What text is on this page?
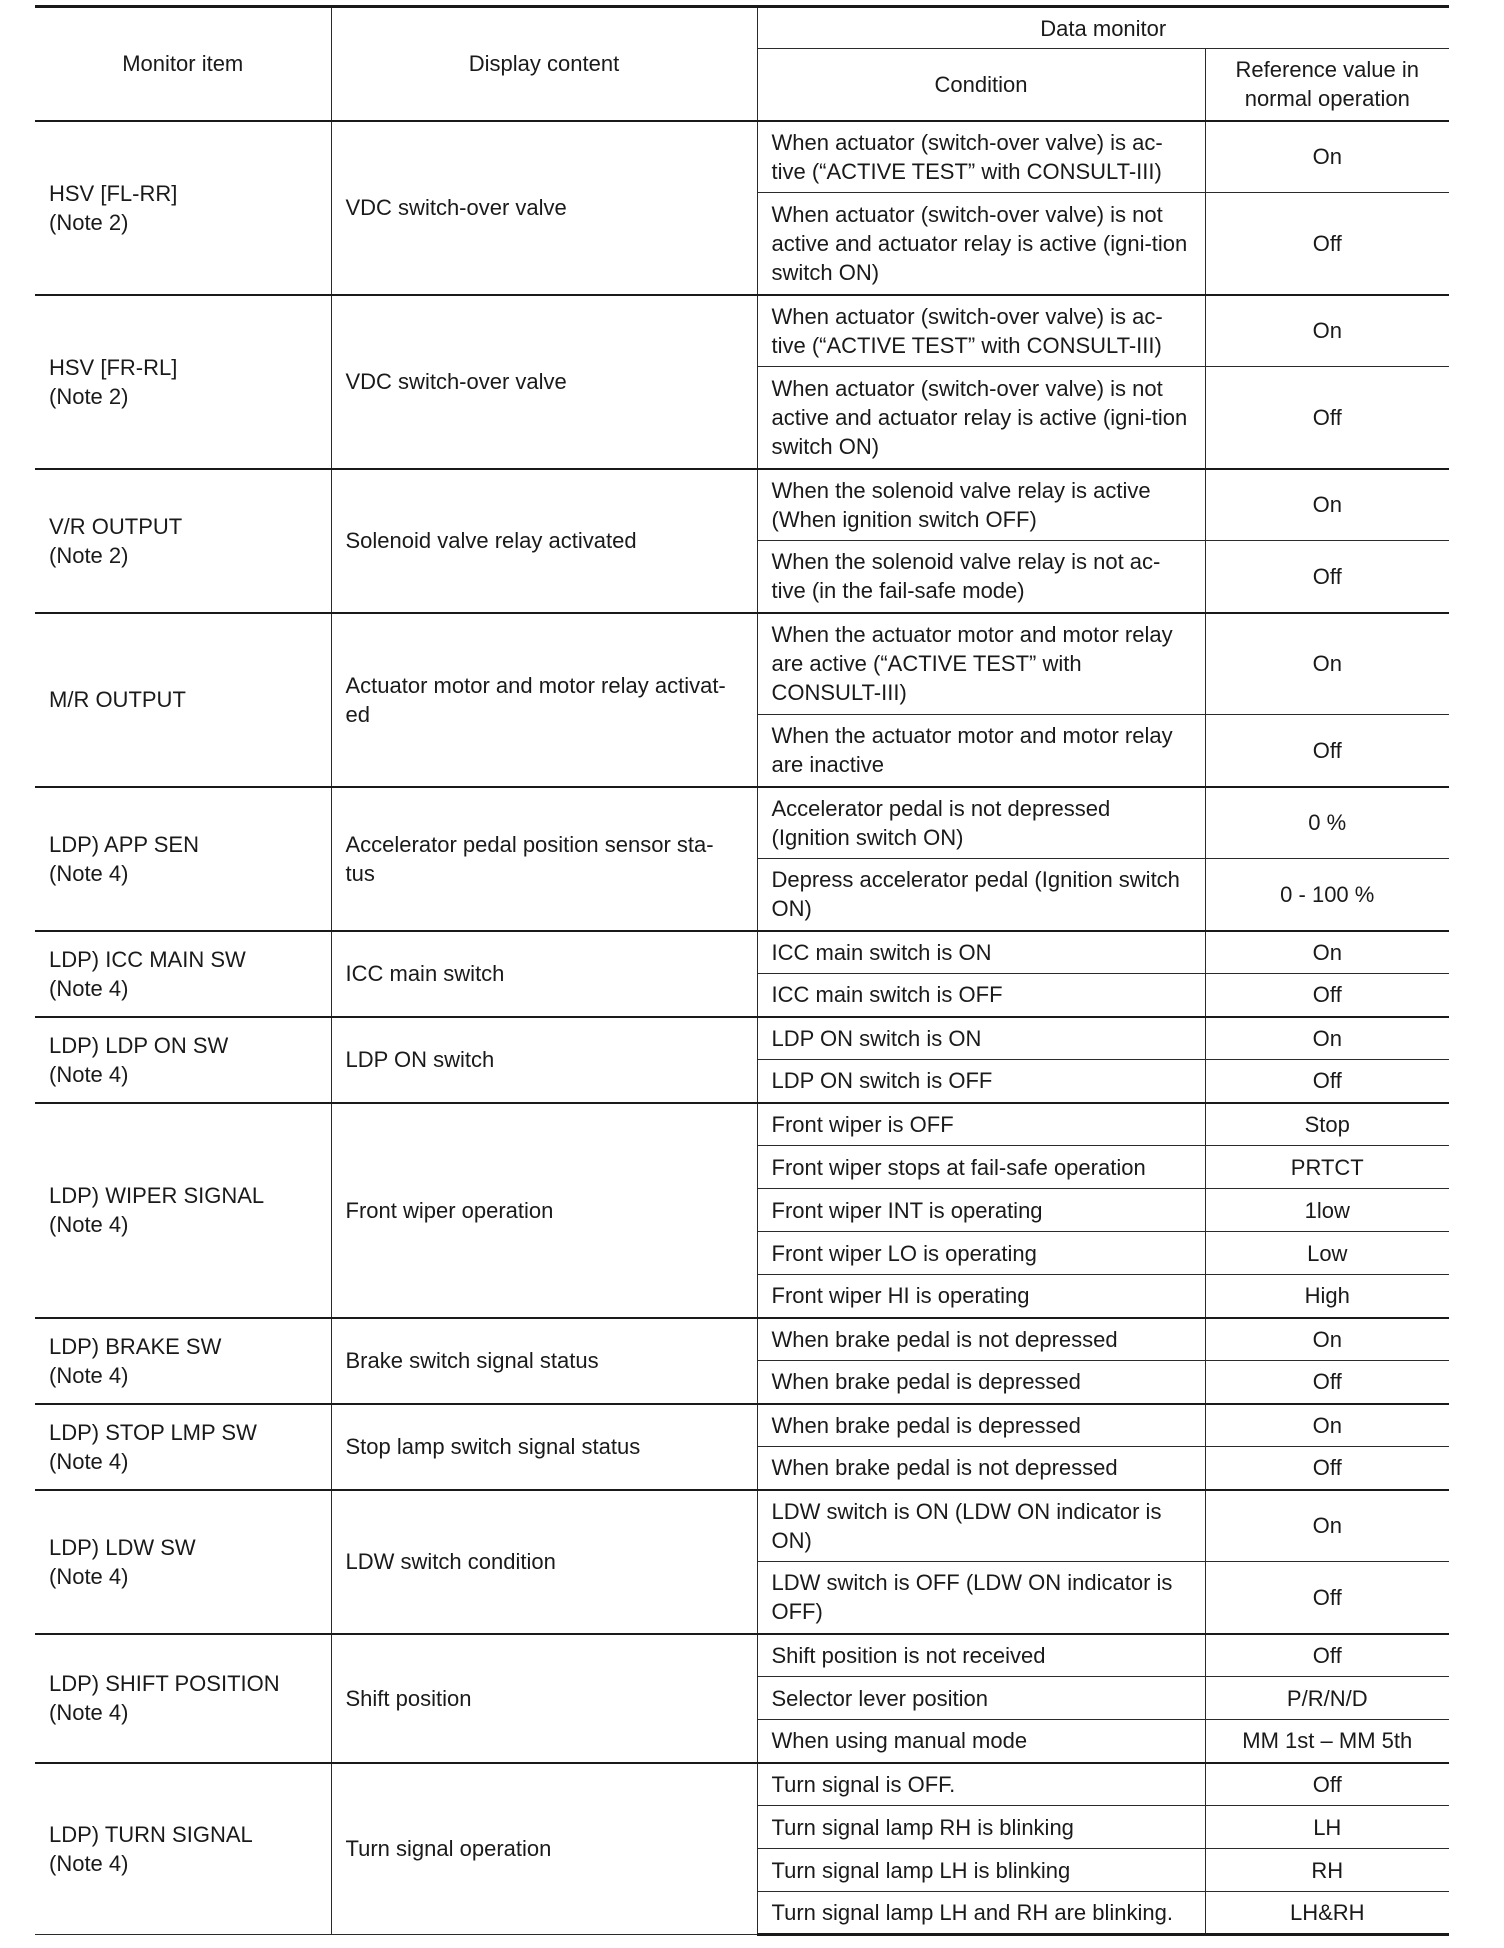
Monitor item	Display content	Data monitor	
		Condition	Reference value in normal operation

HSV [FL-RR]
(Note 2)	VDC switch-over valve	When actuator (switch-over valve) is ac-tive (“ACTIVE TEST” with CONSULT-III)	On
		When actuator (switch-over valve) is not active and actuator relay is active (igni-tion switch ON)	Off

HSV [FR-RL]
(Note 2)	VDC switch-over valve	When actuator (switch-over valve) is ac-tive (“ACTIVE TEST” with CONSULT-III)	On
		When actuator (switch-over valve) is not active and actuator relay is active (igni-tion switch ON)	Off

V/R OUTPUT
(Note 2)	Solenoid valve relay activated	When the solenoid valve relay is active (When ignition switch OFF)	On
		When the solenoid valve relay is not ac-tive (in the fail-safe mode)	Off

M/R OUTPUT	Actuator motor and motor relay activat-ed	When the actuator motor and motor relay are active (“ACTIVE TEST” with CONSULT-III)	On
		When the actuator motor and motor relay are inactive	Off

LDP) APP SEN
(Note 4)	Accelerator pedal position sensor sta-tus	Accelerator pedal is not depressed (Ignition switch ON)	0 %
		Depress accelerator pedal (Ignition switch ON)	0 - 100 %

LDP) ICC MAIN SW
(Note 4)	ICC main switch	ICC main switch is ON	On
		ICC main switch is OFF	Off

LDP) LDP ON SW
(Note 4)	LDP ON switch	LDP ON switch is ON	On
		LDP ON switch is OFF	Off

LDP) WIPER SIGNAL
(Note 4)	Front wiper operation	Front wiper is OFF	Stop
		Front wiper stops at fail-safe operation	PRTCT
		Front wiper INT is operating	1low
		Front wiper LO is operating	Low
		Front wiper HI is operating	High

LDP) BRAKE SW
(Note 4)	Brake switch signal status	When brake pedal is not depressed	On
		When brake pedal is depressed	Off

LDP) STOP LMP SW
(Note 4)	Stop lamp switch signal status	When brake pedal is depressed	On
		When brake pedal is not depressed	Off

LDP) LDW SW
(Note 4)	LDW switch condition	LDW switch is ON (LDW ON indicator is ON)	On
		LDW switch is OFF (LDW ON indicator is OFF)	Off

LDP) SHIFT POSITION
(Note 4)	Shift position	Shift position is not received	Off
		Selector lever position	P/R/N/D
		When using manual mode	MM 1st – MM 5th

LDP) TURN SIGNAL
(Note 4)	Turn signal operation	Turn signal is OFF.	Off
		Turn signal lamp RH is blinking	LH
		Turn signal lamp LH is blinking	RH
		Turn signal lamp LH and RH are blinking.	LH&RH
